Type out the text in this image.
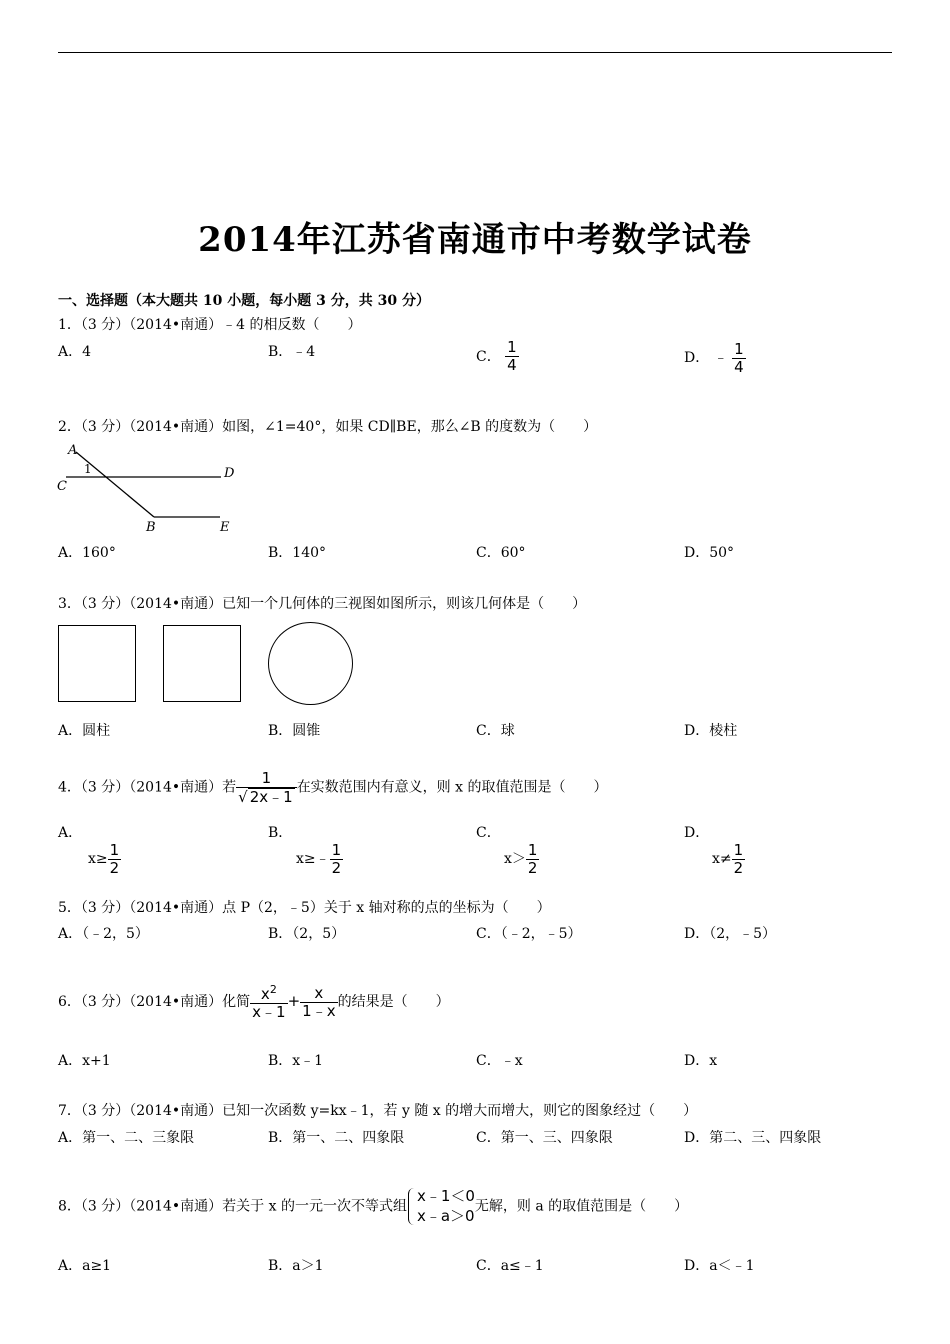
2014年江苏省南通市中考数学试卷
一、选择题（本大题共 10 小题，每小题 3 分，共 30 分）
1．（3 分）（2014•南通）﹣4 的相反数（　　）
A．4	B．﹣4	C． $\frac{1}{4}$	D． ﹣ $\frac{1}{4}$
2．（3 分）（2014•南通）如图，∠1=40°，如果 CD∥BE，那么∠B 的度数为（　　）
A
1
C
D
B	E
A．160°	B．140°	C．60°	D．50°
3．（3 分）（2014•南通）已知一个几何体的三视图如图所示，则该几何体是（　　）
A．圆柱	B．圆锥	C．球	D．棱柱
4．（3 分）（2014•南通）若 $\frac{1}{√ 2x﹣1}$ 在实数范围内有意义，则 x 的取值范围是（　　）
A．
$x\ge \frac{1}{2}$
B．
x≥﹣ $\frac{1}{2}$
C．
$x> \frac{1}{2}$
D．
$x\ne \frac{1}{2}$
5．（3 分）（2014•南通）点 P（2，﹣5）关于 x 轴对称的点的坐标为（　　）
A．（﹣2，5）	B．（2，5）	C．（﹣2，﹣5）	D．（2，﹣5）
6．（3 分）（2014•南通）化简 $\frac{x^2}{x﹣1} + \frac{x}{1﹣x}$ 的结果是（　　）
A．x+1	B．x﹣1	C．﹣x	D．x
7．（3 分）（2014•南通）已知一次函数 y=kx﹣1，若 y 随 x 的增大而增大，则它的图象经过（　　）
A．第一、二、三象限	B．第一、二、四象限	C．第一、三、四象限	D．第二、三、四象限
8．（3 分）（2014•南通）若关于 x 的一元一次不等式组
x﹣1＜0
x﹣a＞0
无解，则 a 的取值范围是（　　）
A．a≥1	B．a＞1	C．a≤﹣1	D．a＜﹣1
